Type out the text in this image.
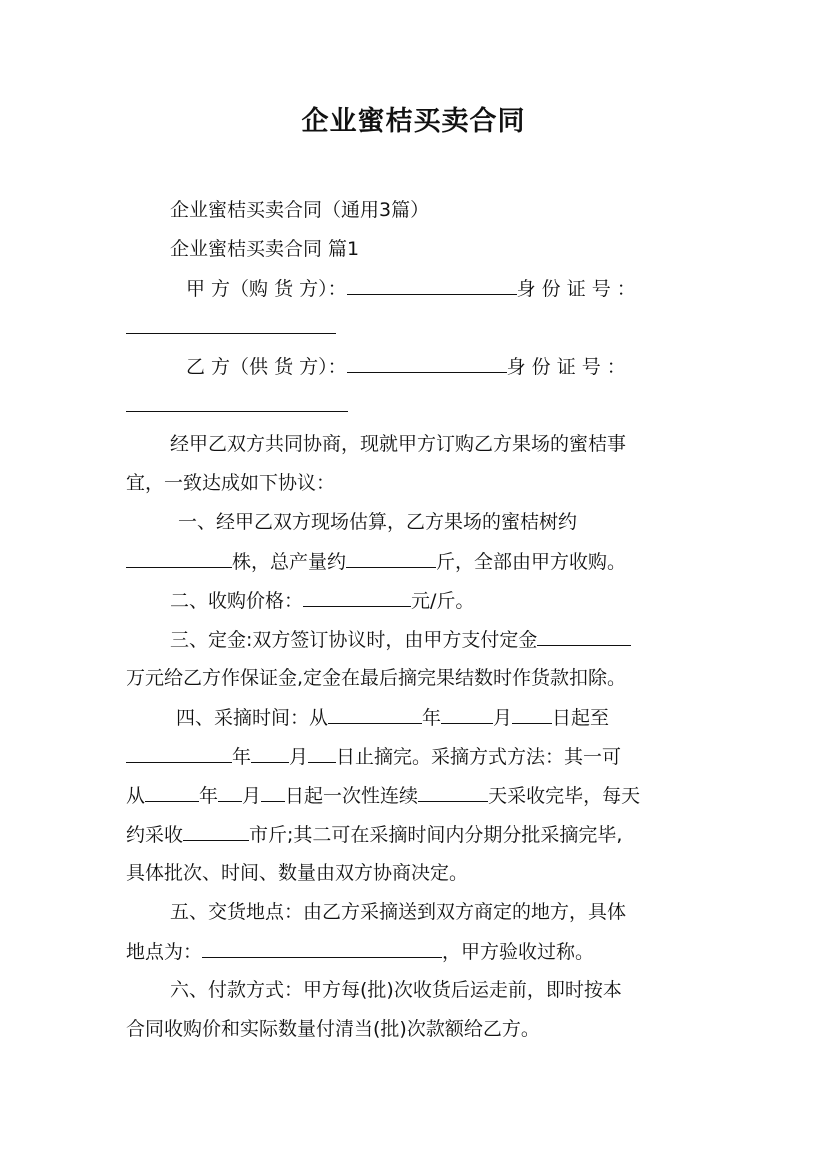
企业蜜桔买卖合同
企业蜜桔买卖合同（通用3篇）
企业蜜桔买卖合同 篇1
甲 方（购 货 方）：	身 份 证 号 ：
乙 方（供 货 方）：	身 份 证 号 ：
经甲乙双方共同协商，现就甲方订购乙方果场的蜜桔事
宜，一致达成如下协议：
一、经甲乙双方现场估算，乙方果场的蜜桔树约
株，总产量约	斤，全部由甲方收购。
二、收购价格：	元/斤。
三、定金:双方签订协议时，由甲方支付定金
万元给乙方作保证金,定金在最后摘完果结数时作货款扣除。
四、采摘时间：从	年	月 日起至
年 月 日止摘完。采摘方式方法：其一可
从	年 月 日起一次性连续	天采收完毕，每天
约采收	市斤;其二可在采摘时间内分期分批采摘完毕,
具体批次、时间、数量由双方协商决定。
五、交货地点：由乙方采摘送到双方商定的地方，具体
地点为：	，甲方验收过称。
六、付款方式：甲方每(批)次收货后运走前，即时按本
合同收购价和实际数量付清当(批)次款额给乙方。
